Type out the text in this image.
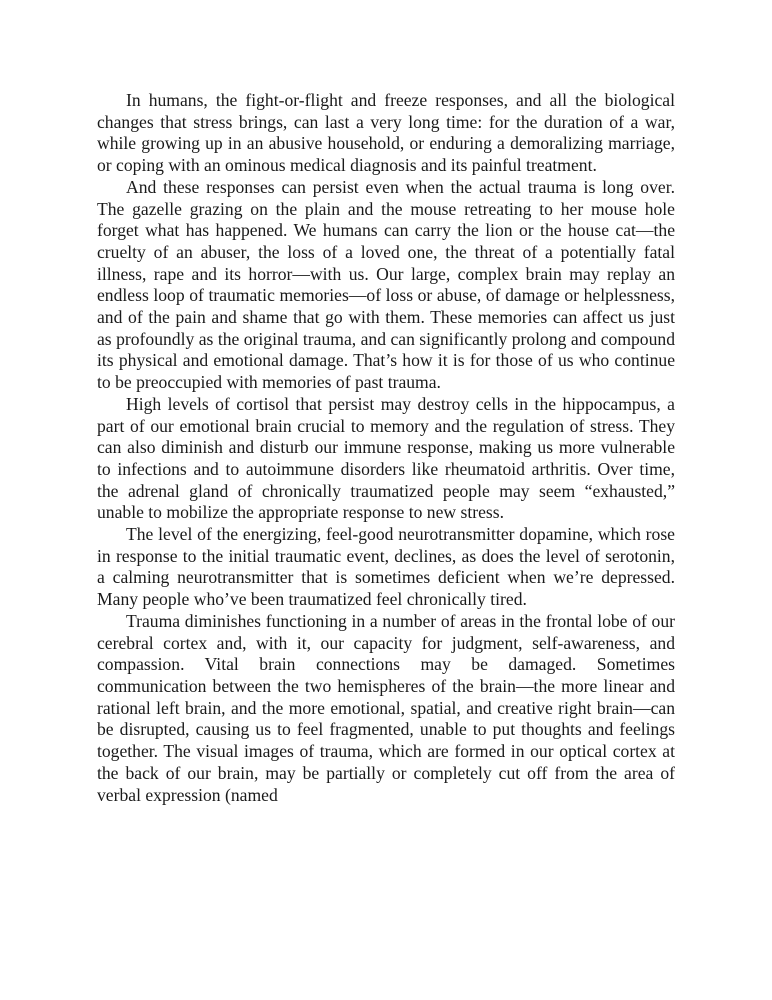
In humans, the fight-or-flight and freeze responses, and all the biological changes that stress brings, can last a very long time: for the duration of a war, while growing up in an abusive household, or enduring a demoralizing marriage, or coping with an ominous medical diagnosis and its painful treatment.

And these responses can persist even when the actual trauma is long over. The gazelle grazing on the plain and the mouse retreating to her mouse hole forget what has happened. We humans can carry the lion or the house cat—the cruelty of an abuser, the loss of a loved one, the threat of a potentially fatal illness, rape and its horror—with us. Our large, complex brain may replay an endless loop of traumatic memories—of loss or abuse, of damage or helplessness, and of the pain and shame that go with them. These memories can affect us just as profoundly as the original trauma, and can significantly prolong and compound its physical and emotional damage. That’s how it is for those of us who continue to be preoccupied with memories of past trauma.

High levels of cortisol that persist may destroy cells in the hippocampus, a part of our emotional brain crucial to memory and the regulation of stress. They can also diminish and disturb our immune response, making us more vulnerable to infections and to autoimmune disorders like rheumatoid arthritis. Over time, the adrenal gland of chronically traumatized people may seem “exhausted,” unable to mobilize the appropriate response to new stress.

The level of the energizing, feel-good neurotransmitter dopamine, which rose in response to the initial traumatic event, declines, as does the level of serotonin, a calming neurotransmitter that is sometimes deficient when we’re depressed. Many people who’ve been traumatized feel chronically tired.

Trauma diminishes functioning in a number of areas in the frontal lobe of our cerebral cortex and, with it, our capacity for judgment, self-awareness, and compassion. Vital brain connections may be damaged. Sometimes communication between the two hemispheres of the brain—the more linear and rational left brain, and the more emotional, spatial, and creative right brain—can be disrupted, causing us to feel fragmented, unable to put thoughts and feelings together. The visual images of trauma, which are formed in our optical cortex at the back of our brain, may be partially or completely cut off from the area of verbal expression (named
